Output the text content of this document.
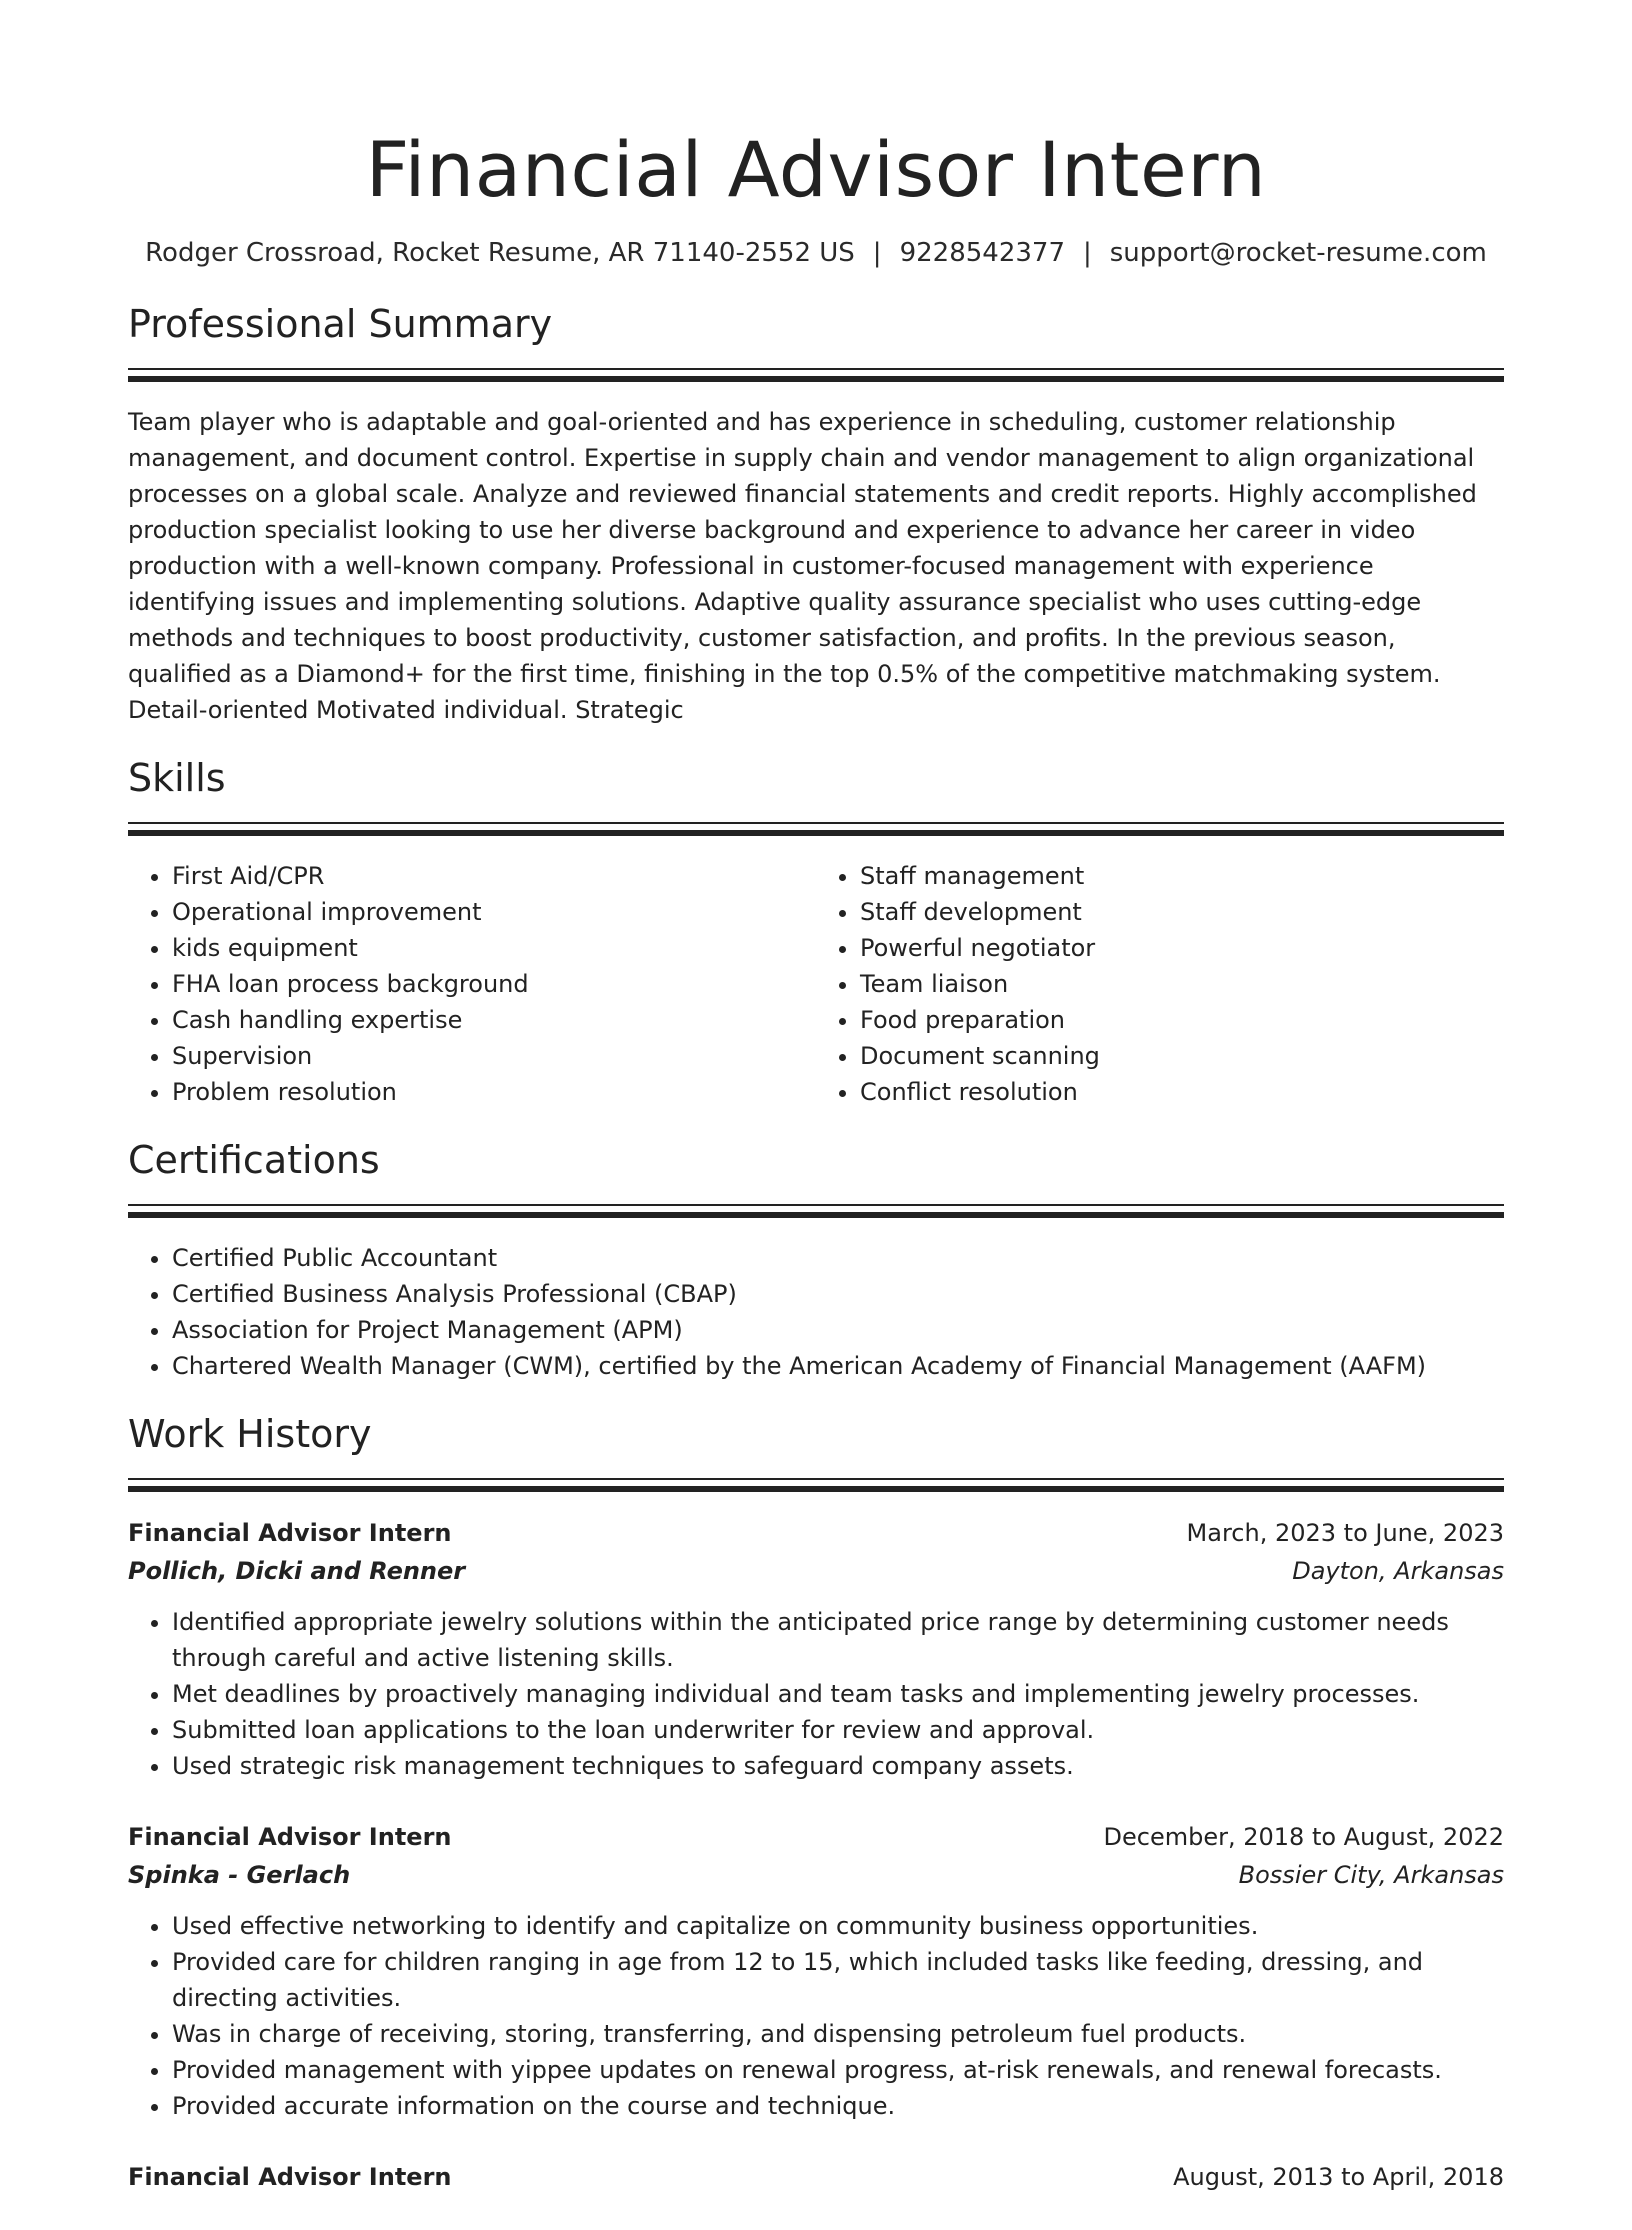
Financial Advisor Intern
Rodger Crossroad, Rocket Resume, AR 71140-2552 US | 9228542377 | support@rocket-resume.com
Professional Summary

Team player who is adaptable and goal-oriented and has experience in scheduling, customer relationship management, and document control. Expertise in supply chain and vendor management to align organizational processes on a global scale. Analyze and reviewed financial statements and credit reports. Highly accomplished production specialist looking to use her diverse background and experience to advance her career in video production with a well-known company. Professional in customer-focused management with experience identifying issues and implementing solutions. Adaptive quality assurance specialist who uses cutting-edge methods and techniques to boost productivity, customer satisfaction, and profits. In the previous season, qualified as a Diamond+ for the first time, finishing in the top 0.5% of the competitive matchmaking system. Detail-oriented Motivated individual. Strategic

Skills
• First Aid/CPR
• Operational improvement
• kids equipment
• FHA loan process background
• Cash handling expertise
• Supervision
• Problem resolution
• Staff management
• Staff development
• Powerful negotiator
• Team liaison
• Food preparation
• Document scanning
• Conflict resolution
Certifications
• Certified Public Accountant
• Certified Business Analysis Professional (CBAP)
• Association for Project Management (APM)
• Chartered Wealth Manager (CWM), certified by the American Academy of Financial Management (AAFM)
Work History
Financial Advisor Intern	March, 2023 to June, 2023
Pollich, Dicki and Renner	Dayton, Arkansas
• Identified appropriate jewelry solutions within the anticipated price range by determining customer needs through careful and active listening skills.
• Met deadlines by proactively managing individual and team tasks and implementing jewelry processes.
• Submitted loan applications to the loan underwriter for review and approval.
• Used strategic risk management techniques to safeguard company assets.
Financial Advisor Intern	December, 2018 to August, 2022
Spinka - Gerlach	Bossier City, Arkansas
• Used effective networking to identify and capitalize on community business opportunities.
• Provided care for children ranging in age from 12 to 15, which included tasks like feeding, dressing, and directing activities.
• Was in charge of receiving, storing, transferring, and dispensing petroleum fuel products.
• Provided management with yippee updates on renewal progress, at-risk renewals, and renewal forecasts.
• Provided accurate information on the course and technique.
Financial Advisor Intern	August, 2013 to April, 2018
